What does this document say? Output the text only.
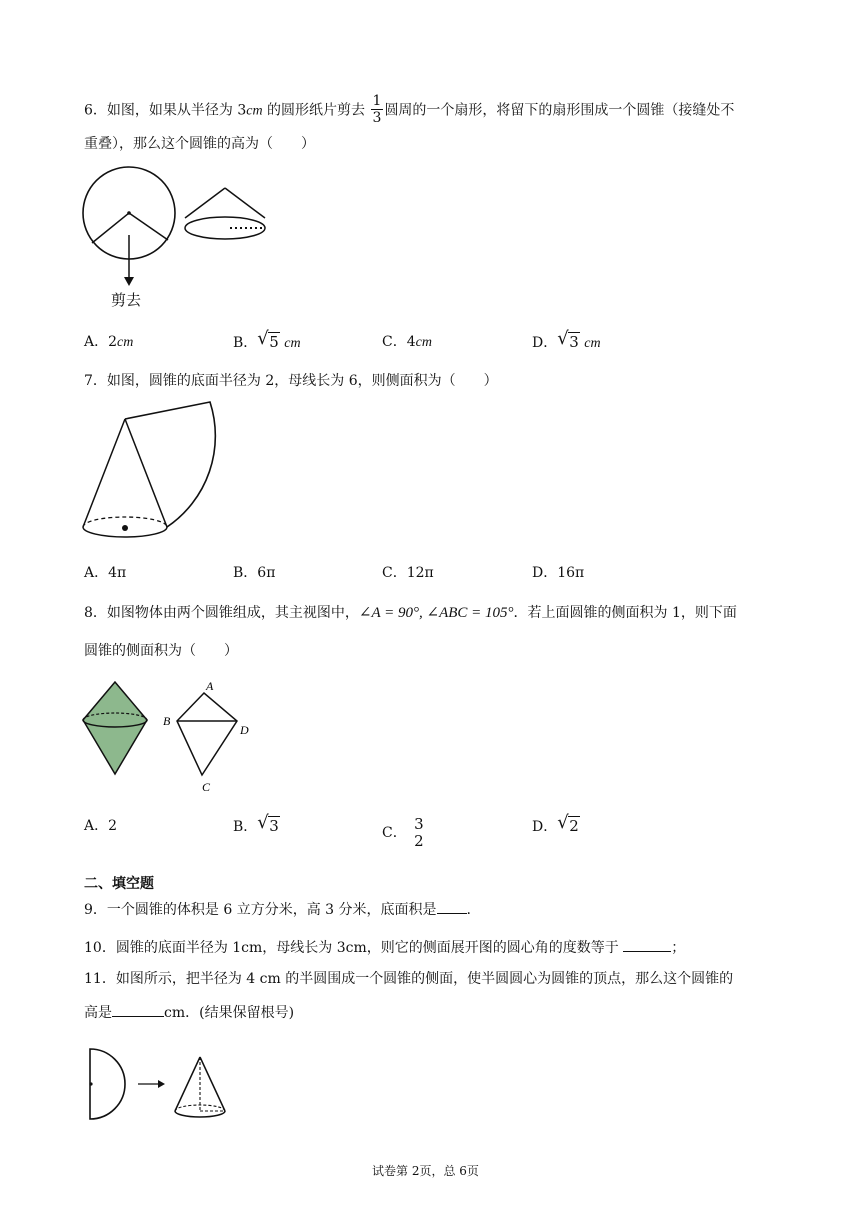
6．如图，如果从半径为 3cm 的圆形纸片剪去 $\frac{1}{3}$ 圆周的一个扇形，将留下的扇形围成一个圆锥（接缝处不
重叠），那么这个圆锥的高为（　　）
剪去
A．2cm	B． √ 5 cm	C．4cm	D． √ 3 cm
7．如图，圆锥的底面半径为 2，母线长为 6，则侧面积为（　　）
A．4π	B．6π	C．12π	D．16π
8．如图物体由两个圆锥组成，其主视图中，∠A = 90°, ∠ABC = 105°．若上面圆锥的侧面积为 1，则下面
圆锥的侧面积为（　　）
A
B
D
C
A．2	B． √ 3	C． 3
2
D． √ 2
二、填空题
9．一个圆锥的体积是 6 立方分米，高 3 分米，底面积是 .
10．圆锥的底面半径为 1cm，母线长为 3cm，则它的侧面展开图的圆心角的度数等于	；
11．如图所示，把半径为 4 cm 的半圆围成一个圆锥的侧面，使半圆圆心为圆锥的顶点，那么这个圆锥的
高是	cm．(结果保留根号)
试卷第 2页，总 6页
